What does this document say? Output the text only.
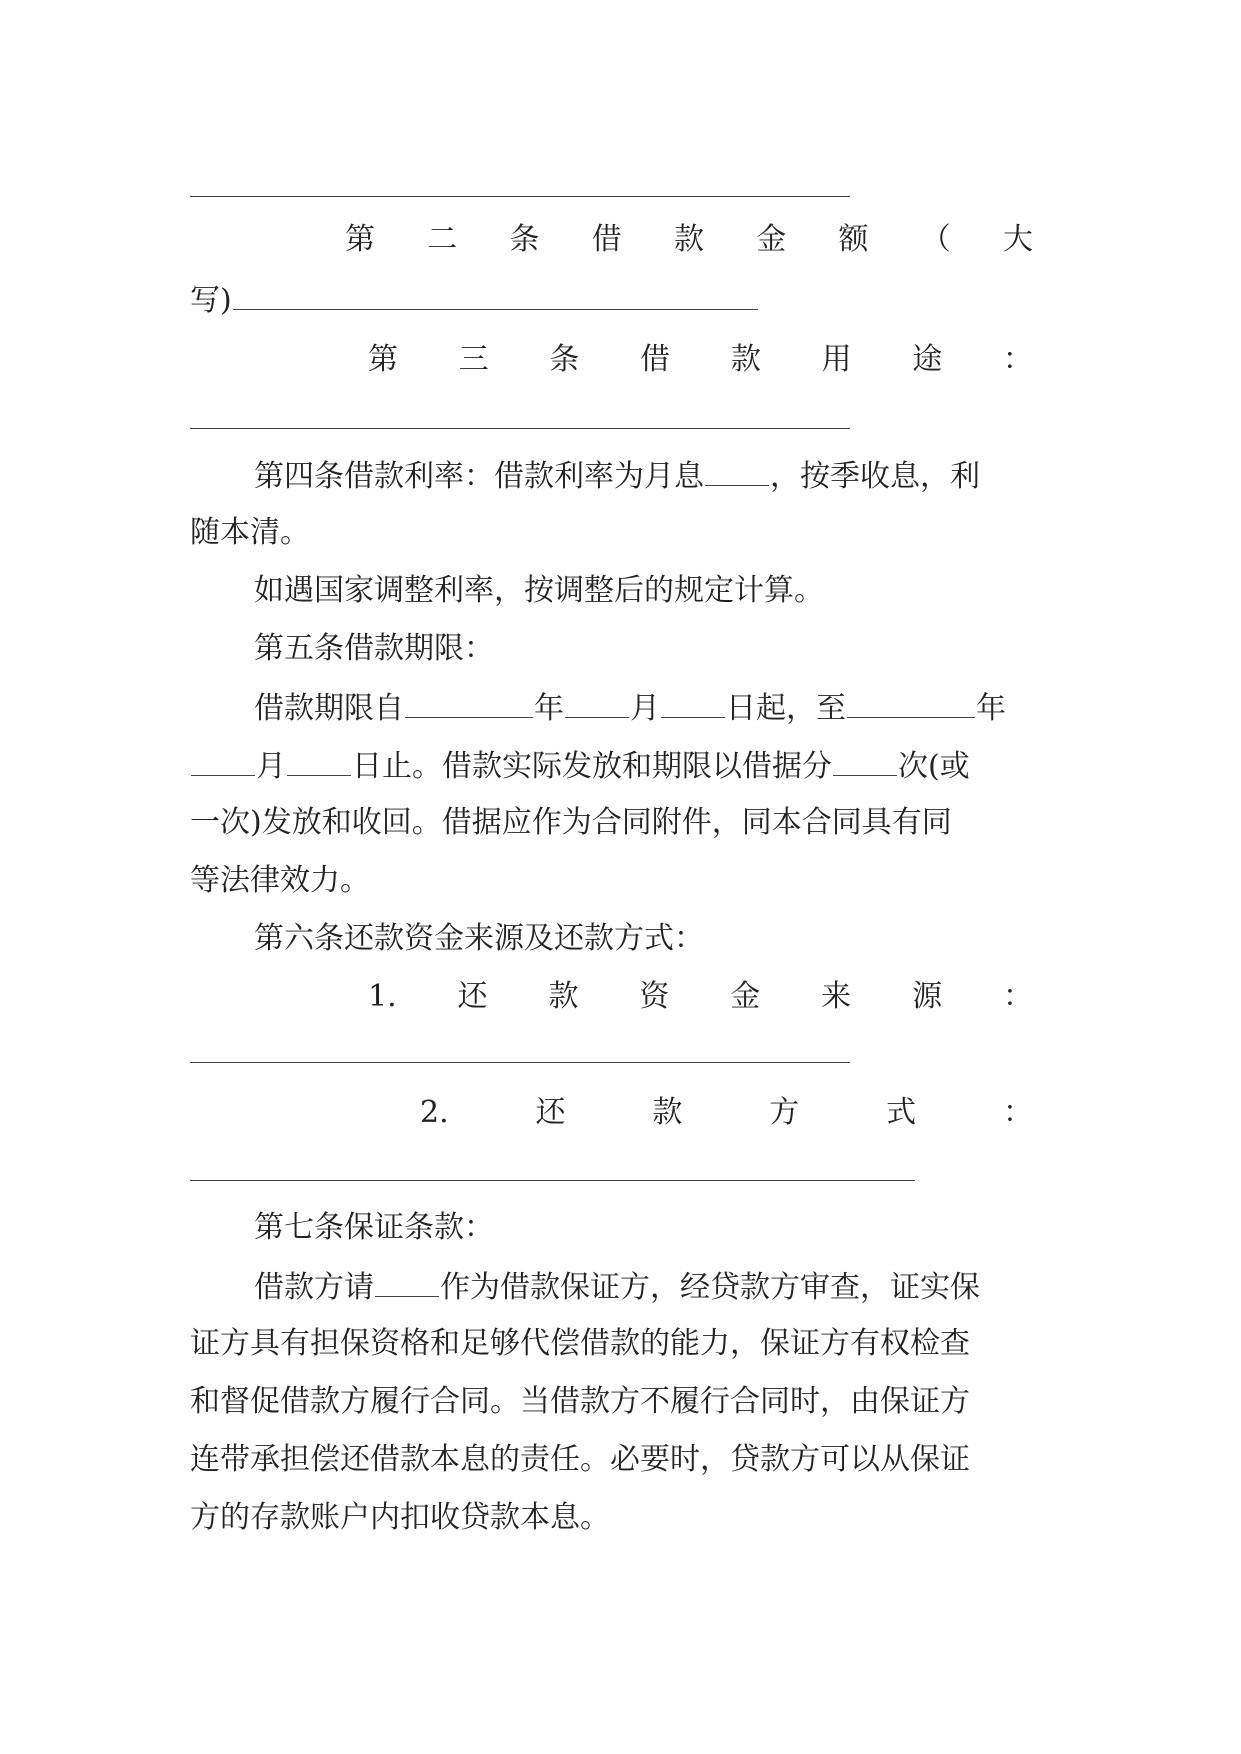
第 二 条 借 款 金 额 （ 大
写)
第 三 条 借 款 用 途 ：
第四条借款利率：借款利率为月息 ，按季收息，利
随本清。
如遇国家调整利率，按调整后的规定计算。
第五条借款期限：
借款期限自	年 月 日起，至	年
月 日止。借款实际发放和期限以借据分 次(或
一次)发放和收回。借据应作为合同附件，同本合同具有同
等法律效力。
第六条还款资金来源及还款方式：
1. 还 款 资 金 来 源 ：
2.	还	款	方	式	：
第七条保证条款：
借款方请 作为借款保证方，经贷款方审查，证实保
证方具有担保资格和足够代偿借款的能力，保证方有权检查
和督促借款方履行合同。当借款方不履行合同时，由保证方
连带承担偿还借款本息的责任。必要时，贷款方可以从保证
方的存款账户内扣收贷款本息。
